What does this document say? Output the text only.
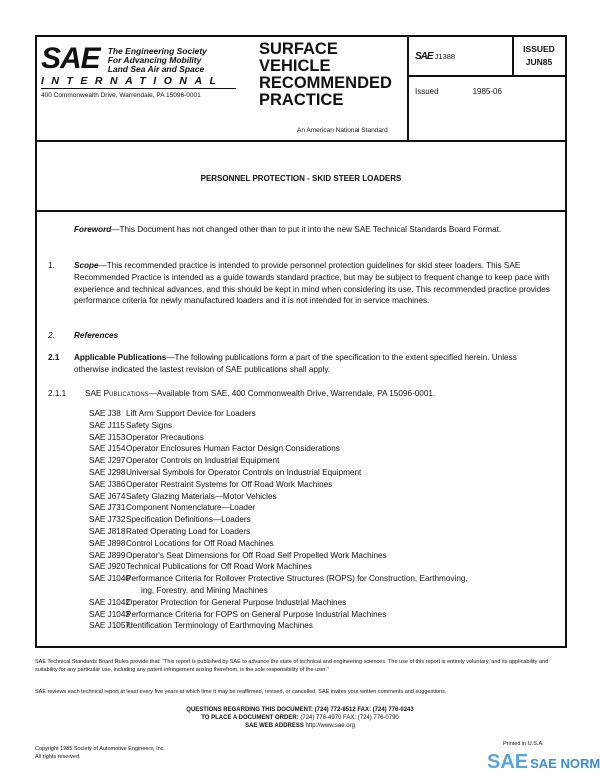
SAE The Engineering Society
For Advancing Mobility
Land Sea Air and Space
INTERNATIONAL
400 Commonwealth Drive, Warrendale, PA 15096-0001
SURFACE
VEHICLE
RECOMMENDED
PRACTICE
An American National Standard
SAE J1388
ISSUED
JUN85
Issued	1985-06
PERSONNEL PROTECTION - SKID STEER LOADERS

Foreword—This Document has not changed other than to put it into the new SAE Technical Standards Board Format.

1. Scope—This recommended practice is intended to provide personnel protection guidelines for skid steer loaders. This SAE Recommended Practice is intended as a guide towards standard practice, but may be subject to frequent change to keep pace with experience and technical advances, and this should be kept in mind when considering its use. This recommended practice provides performance criteria for newly manufactured loaders and it is not intended for in service machines.

2. References

2.1 Applicable Publications—The following publications form a part of the specification to the extent specified herein. Unless otherwise indicated the lastest revision of SAE publications shall apply.

2.1.1 SAE Publications—Available from SAE, 400 Commonwealth Drive, Warrendale, PA 15096-0001.

SAE J38 Lift Arm Support Device for Loaders
SAE J115Safety Signs
SAE J153Operator Precautions
SAE J154Operator Enclosures Human Factor Design Considerations
SAE J297Operator Controls on Industrial Equipment
SAE J298Universal Symbols for Operator Controls on Industrial Equipment
SAE J386Operator Restraint Systems for Off Road Work Machines
SAE J674Safety Glazing Materials—Motor Vehicles
SAE J731Component Nomenclature—Loader
SAE J732Specification Definitions—Loaders
SAE J818Rated Operating Load for Loaders
SAE J898Control Locations for Off Road Machines
SAE J899Operator's Seat Dimensions for Off Road Self Propelled Work Machines
SAE J920Technical Publications for Off Road Work Machines
SAE J1040Performance Criteria for Rollover Protective Structures (ROPS) for Construction, Earthmoving,
ing, Forestry, and Mining Machines
SAE J1042Operator Protection for General Purpose Industrial Machines
SAE J1043Performance Criteria for FOPS on General Purpose Industrial Machines
SAE J1057Identification Terminology of Earthmoving Machines
SAE Technical Standards Board Rules provide that: "This report is published by SAE to advance the state of technical and engineering sciences. The use of this report is entirely voluntary, and its applicability and suitability for any particular use, including any patent infringement arising therefrom, is the sole responsibility of the user."
SAE reviews each technical report at least every five years at which time it may be reaffirmed, revised, or cancelled. SAE invites your written comments and suggestions.
QUESTIONS REGARDING THIS DOCUMENT: (724) 772-8512 FAX: (724) 776-0243
TO PLACE A DOCUMENT ORDER: (724) 776-4970 FAX: (724) 776-0790
SAE WEB ADDRESS http://www.sae.org
Copyright 1985 Society of Automotive Engineers, Inc.
All rights reserved.
Printed in U.S.A.
SAE SAE NORM
